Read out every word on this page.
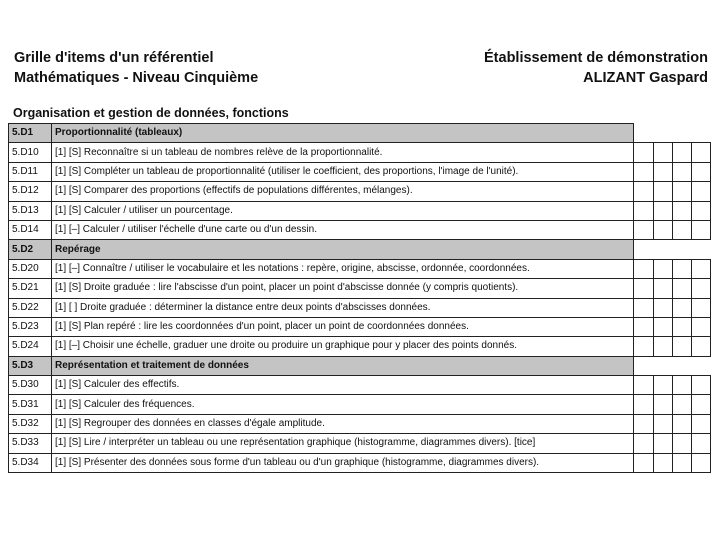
Grille d'items d'un référentiel
Mathématiques - Niveau Cinquième
Établissement de démonstration
ALIZANT Gaspard
Organisation et gestion de données, fonctions
5.D1	Proportionnalité (tableaux)				
5.D10	[1] [S] Reconnaître si un tableau de nombres relève de la proportionnalité.				
5.D11	[1] [S] Compléter un tableau de proportionnalité (utiliser le coefficient, des proportions, l'image de l'unité).				
5.D12	[1] [S] Comparer des proportions (effectifs de populations différentes, mélanges).				
5.D13	[1] [S] Calculer / utiliser un pourcentage.				
5.D14	[1] [–] Calculer / utiliser l'échelle d'une carte ou d'un dessin.				
5.D2	Repérage				
5.D20	[1] [–] Connaître / utiliser le vocabulaire et les notations : repère, origine, abscisse, ordonnée, coordonnées.				
5.D21	[1] [S] Droite graduée : lire l'abscisse d'un point, placer un point d'abscisse donnée (y compris quotients).				
5.D22	[1] [ ] Droite graduée : déterminer la distance entre deux points d'abscisses données.				
5.D23	[1] [S] Plan repéré : lire les coordonnées d'un point, placer un point de coordonnées données.				
5.D24	[1] [–] Choisir une échelle, graduer une droite ou produire un graphique pour y placer des points donnés.				
5.D3	Représentation et traitement de données				
5.D30	[1] [S] Calculer des effectifs.				
5.D31	[1] [S] Calculer des fréquences.				
5.D32	[1] [S] Regrouper des données en classes d'égale amplitude.				
5.D33	[1] [S] Lire / interpréter un tableau ou une représentation graphique (histogramme, diagrammes divers). [tice]				
5.D34	[1] [S] Présenter des données sous forme d'un tableau ou d'un graphique (histogramme, diagrammes divers).				
